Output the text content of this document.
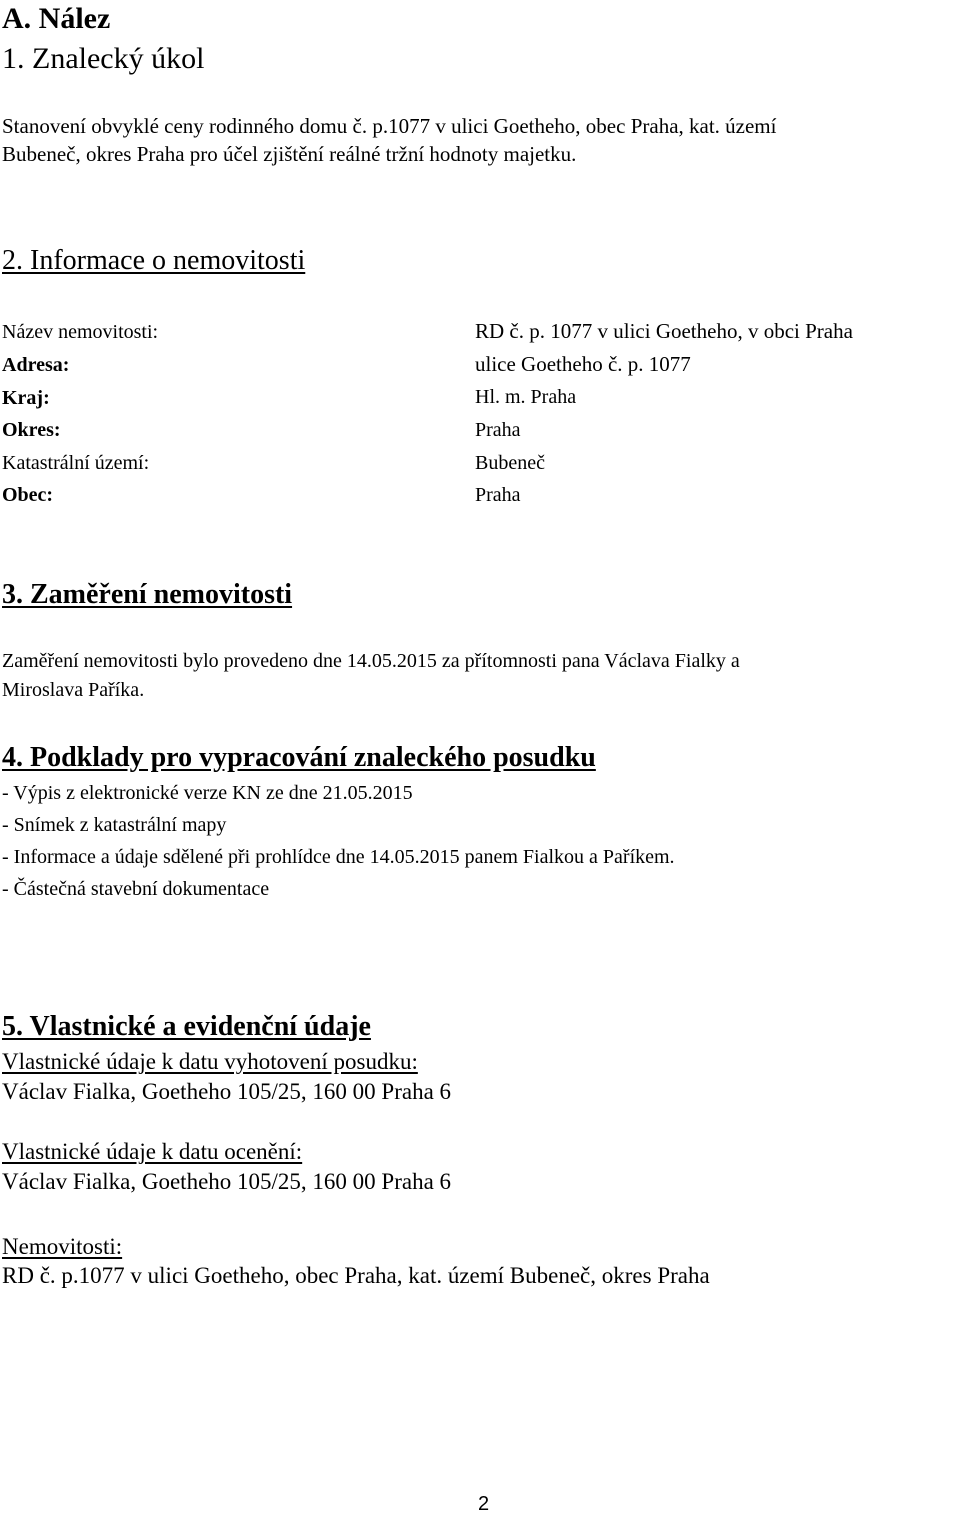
A. Nález
1. Znalecký úkol
Stanovení obvyklé ceny rodinného domu č. p.1077 v ulici Goetheho, obec Praha, kat. území
Bubeneč, okres Praha pro účel zjištění reálné tržní hodnoty majetku.
2. Informace o nemovitosti
Název nemovitosti:	RD č. p. 1077 v ulici Goetheho, v obci Praha
Adresa:	ulice Goetheho č. p. 1077
Kraj:	Hl. m. Praha
Okres:	Praha
Katastrální území:	Bubeneč
Obec:	Praha
3. Zaměření nemovitosti
Zaměření nemovitosti bylo provedeno dne 14.05.2015 za přítomnosti pana Václava Fialky a
Miroslava Paříka.
4. Podklady pro vypracování znaleckého posudku
- Výpis z elektronické verze KN ze dne 21.05.2015
- Snímek z katastrální mapy
- Informace a údaje sdělené při prohlídce dne 14.05.2015 panem Fialkou a Paříkem.
- Částečná stavební dokumentace
5. Vlastnické a evidenční údaje
Vlastnické údaje k datu vyhotovení posudku:
Václav Fialka, Goetheho 105/25, 160 00 Praha 6
Vlastnické údaje k datu ocenění:
Václav Fialka, Goetheho 105/25, 160 00 Praha 6
Nemovitosti:
RD č. p.1077 v ulici Goetheho, obec Praha, kat. území Bubeneč, okres Praha
2
